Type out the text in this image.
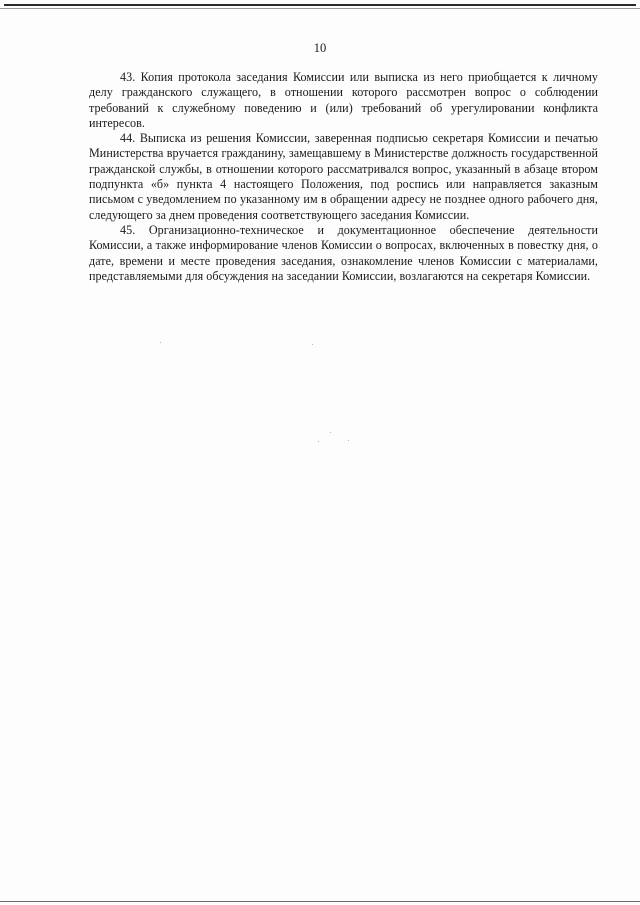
10

43. Копия протокола заседания Комиссии или выписка из него приобщается к личному делу гражданского служащего, в отношении которого рассмотрен вопрос о соблюдении требований к служебному поведению и (или) требований об урегулировании конфликта интересов.

44. Выписка из решения Комиссии, заверенная подписью секретаря Комиссии и печатью Министерства вручается гражданину, замещавшему в Министерстве должность государственной гражданской службы, в отношении которого рассматривался вопрос, указанный в абзаце втором подпункта «б» пункта 4 настоящего Положения, под роспись или направляется заказным письмом с уведомлением по указанному им в обращении адресу не позднее одного рабочего дня, следующего за днем проведения соответствующего заседания Комиссии.

45. Организационно-техническое и документационное обеспечение деятельности Комиссии, а также информирование членов Комиссии о вопросах, включенных в повестку дня, о дате, времени и месте проведения заседания, ознакомление членов Комиссии с материалами, представляемыми для обсуждения на заседании Комиссии, возлагаются на секретаря Комиссии.
